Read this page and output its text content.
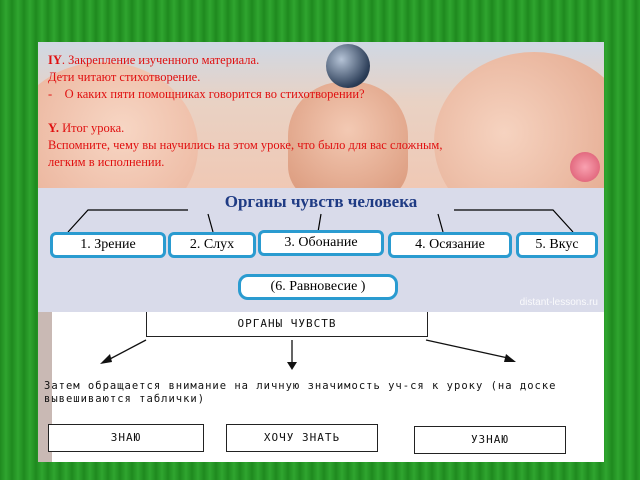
IY. Закрепление изученного материала.

Дети читают стихотворение.

- О каких пяти помощниках говорится во стихотворении?

Y. Итог урока.

Вспомните, чему вы научились на этом уроке, что было для вас сложным,

легким в исполнении.

Органы чувств человека
1. Зрение	2. Слух	3. Обонание	4. Осязание	5. Вкус
(6. Равновесие )
distant-lessons.ru
ОРГАНЫ ЧУВСТВ
Затем обращается внимание на личную значимость уч-ся к уроку (на доске вывешиваются таблички)
ЗНАЮ	ХОЧУ ЗНАТЬ	УЗНАЮ
